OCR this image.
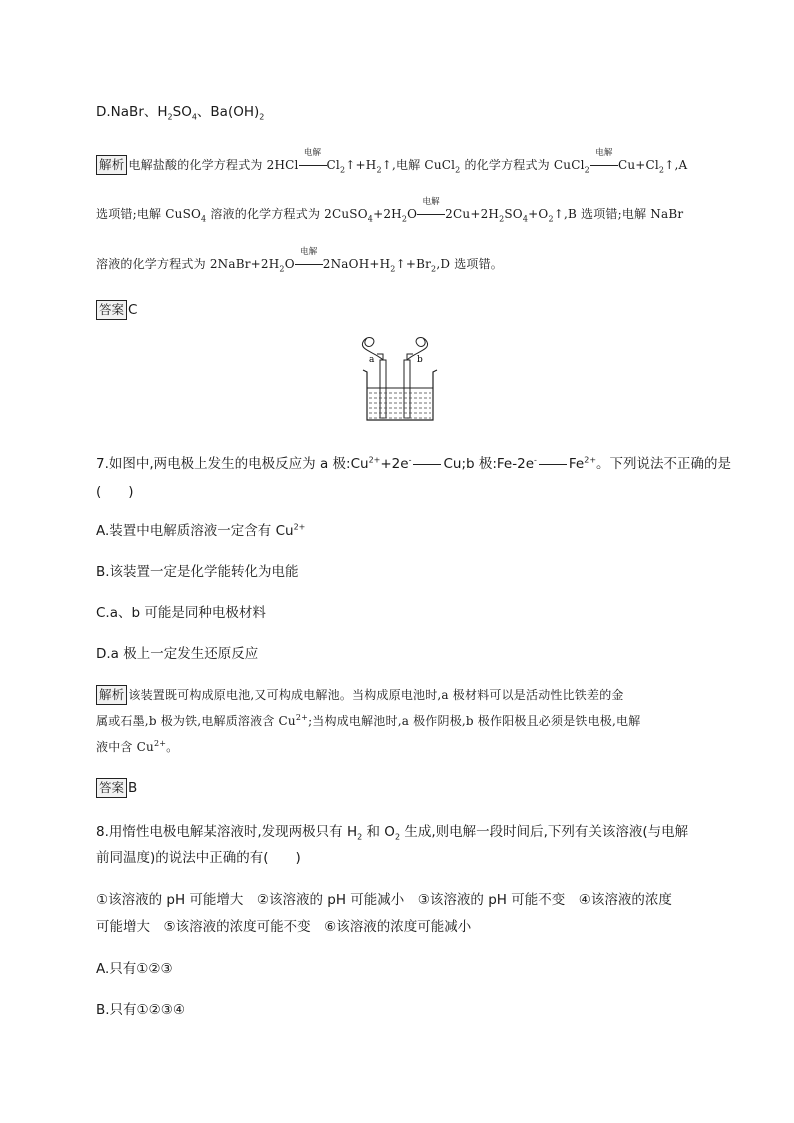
D.NaBr、$H_2SO_4$、$Ba(OH)_2$
解析 电解盐酸的化学方程式为 2HCl
电解
$Cl_2↑+H_2↑$,电解 CuCl$_2$ 的化学方程式为 CuCl$_2$
电解
$Cu+Cl_2↑,A$
选项错;电解 CuSO$_4$ 溶液的化学方程式为 $2CuSO_4+2H_2O$
电解
$2Cu+2H_2SO_4+O_2↑,B$ 选项错;电解 NaBr
溶液的化学方程式为 $2NaBr+2H_2O$
电解
$2NaOH+H_2↑+Br_2,D$ 选项错。
答案 C
a	b
7.如图中,两电极上发生的电极反应为 a 极$:Cu^{2+}+2e^-$ Cu;b 极:Fe-2e- $Fe^{2+}$。下列说法不正确的是
(　　)
A.装置中电解质溶液一定含有 $Cu^{2+}$
B.该装置一定是化学能转化为电能
C.a、b 可能是同种电极材料
D.a 极上一定发生还原反应
解析 该装置既可构成原电池,又可构成电解池。当构成原电池时,a 极材料可以是活动性比铁差的金
属或石墨,b 极为铁,电解质溶液含 $Cu^{2+}$;当构成电解池时,a 极作阴极,b 极作阳极且必须是铁电极,电解
液中含 $Cu^{2+}$。
答案 B
8.用惰性电极电解某溶液时,发现两极只有 $H_2$ 和 $O_2$ 生成,则电解一段时间后,下列有关该溶液(与电解
前同温度)的说法中正确的有(　　)
①该溶液的 pH 可能增大　②该溶液的 pH 可能减小　③该溶液的 pH 可能不变　④该溶液的浓度
可能增大　⑤该溶液的浓度可能不变　⑥该溶液的浓度可能减小
A.只有①②③
B.只有①②③④
